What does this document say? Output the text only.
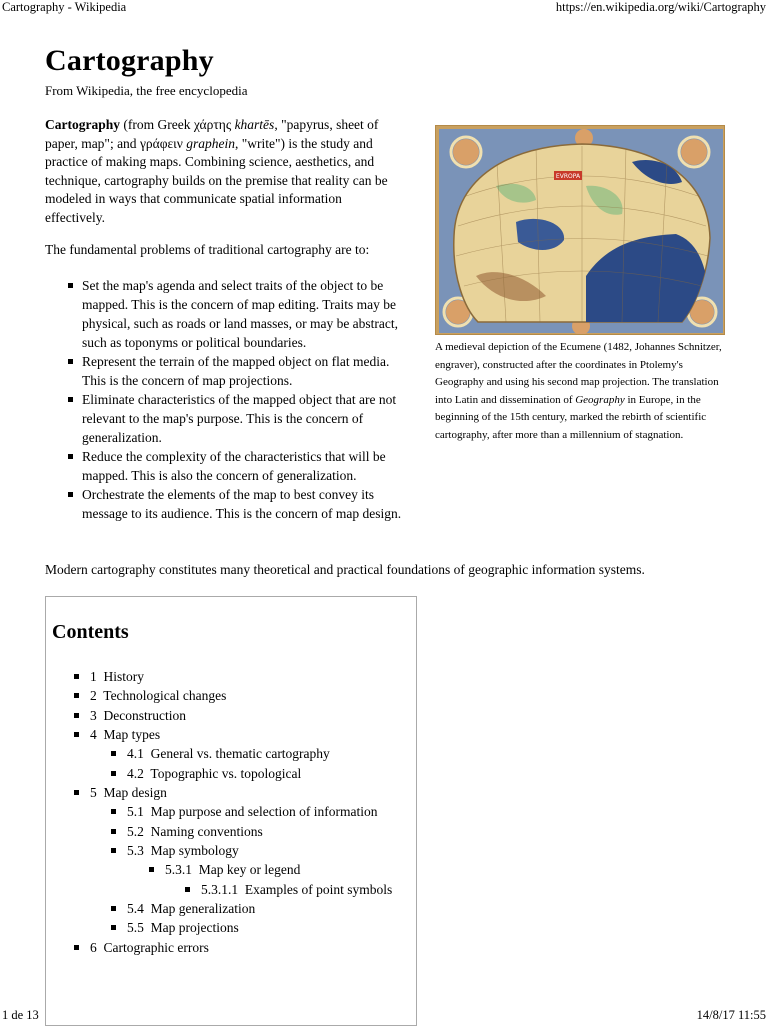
Cartography - Wikipedia	https://en.wikipedia.org/wiki/Cartography
1 de 13	14/8/17 11:55
Cartography
From Wikipedia, the free encyclopedia

Cartography (from Greek χάρτης khartēs, "papyrus, sheet of paper, map"; and γράφειν graphein, "write") is the study and practice of making maps. Combining science, aesthetics, and technique, cartography builds on the premise that reality can be modeled in ways that communicate spatial information effectively.

The fundamental problems of traditional cartography are to:

Set the map's agenda and select traits of the object to be mapped. This is the concern of map editing. Traits may be physical, such as roads or land masses, or may be abstract, such as toponyms or political boundaries.
Represent the terrain of the mapped object on flat media. This is the concern of map projections.
Eliminate characteristics of the mapped object that are not relevant to the map's purpose. This is the concern of generalization.
Reduce the complexity of the characteristics that will be mapped. This is also the concern of generalization.
Orchestrate the elements of the map to best convey its message to its audience. This is the concern of map design.

Modern cartography constitutes many theoretical and practical foundations of geographic information systems.

EVROPA
A medieval depiction of the Ecumene (1482, Johannes Schnitzer, engraver), constructed after the coordinates in Ptolemy's Geography and using his second map projection. The translation into Latin and dissemination of Geography in Europe, in the beginning of the 15th century, marked the rebirth of scientific cartography, after more than a millennium of stagnation.
Contents
1 History
2 Technological changes
3 Deconstruction
4 Map types
4.1 General vs. thematic cartography
4.2 Topographic vs. topological
5 Map design
5.1 Map purpose and selection of information
5.2 Naming conventions
5.3 Map symbology
5.3.1 Map key or legend
5.3.1.1 Examples of point symbols
5.4 Map generalization
5.5 Map projections
6 Cartographic errors
